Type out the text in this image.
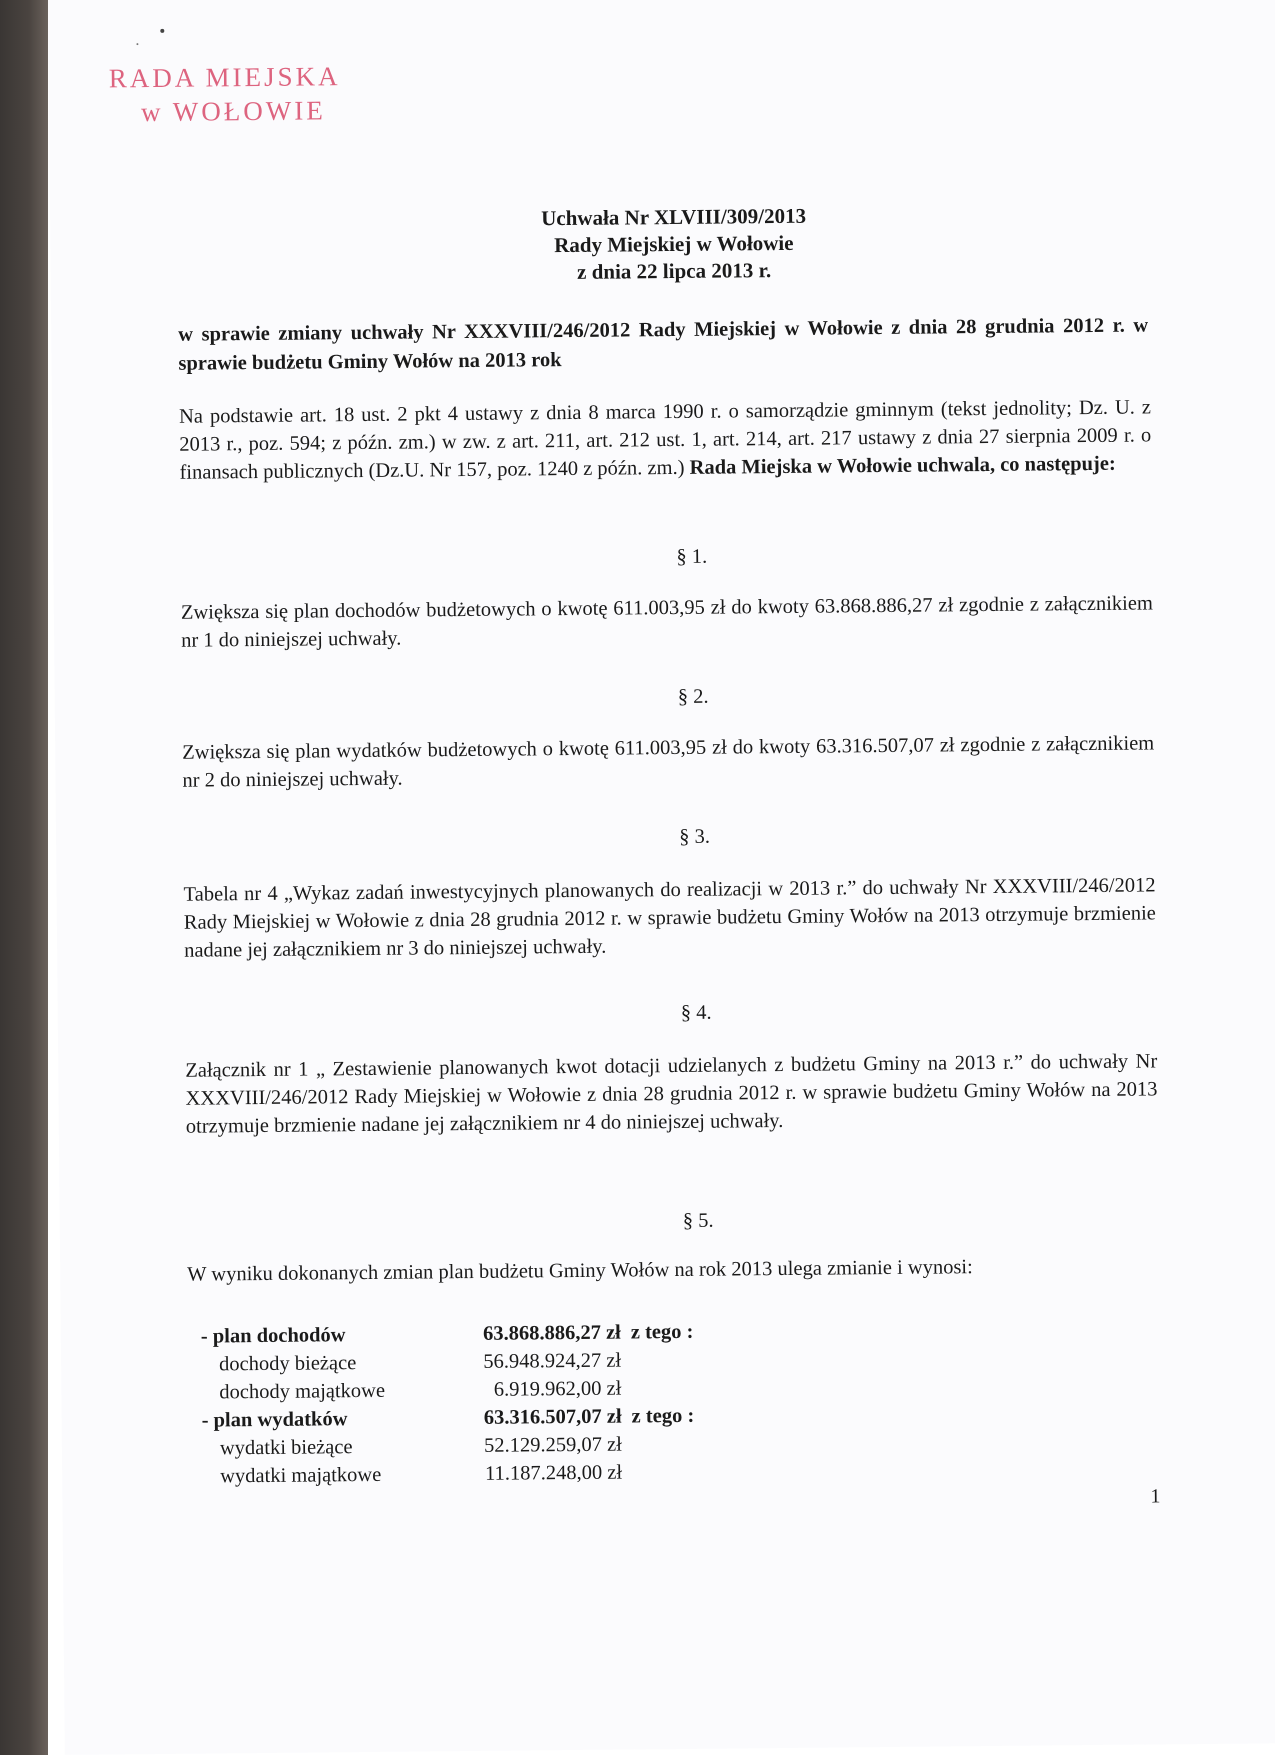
RADA MIEJSKA
w WOŁOWIE
Uchwała Nr XLVIII/309/2013
Rady Miejskiej w Wołowie
z dnia 22 lipca 2013 r.
w sprawie zmiany uchwały Nr XXXVIII/246/2012 Rady Miejskiej w Wołowie z dnia 28 grudnia 2012 r. w sprawie budżetu Gminy Wołów na 2013 rok
Na podstawie art. 18 ust. 2 pkt 4 ustawy z dnia 8 marca 1990 r. o samorządzie gminnym (tekst jednolity; Dz. U. z 2013 r., poz. 594; z późn. zm.) w zw. z art. 211, art. 212 ust. 1, art. 214, art. 217 ustawy z dnia 27 sierpnia 2009 r. o finansach publicznych (Dz.U. Nr 157, poz. 1240 z późn. zm.) Rada Miejska w Wołowie uchwala, co następuje:
§ 1.
Zwiększa się plan dochodów budżetowych o kwotę 611.003,95 zł do kwoty 63.868.886,27 zł zgodnie z załącznikiem nr 1 do niniejszej uchwały.
§ 2.
Zwiększa się plan wydatków budżetowych o kwotę 611.003,95 zł do kwoty 63.316.507,07 zł zgodnie z załącznikiem nr 2 do niniejszej uchwały.
§ 3.
Tabela nr 4 „Wykaz zadań inwestycyjnych planowanych do realizacji w 2013 r.” do uchwały Nr XXXVIII/246/2012 Rady Miejskiej w Wołowie z dnia 28 grudnia 2012 r. w sprawie budżetu Gminy Wołów na 2013 otrzymuje brzmienie nadane jej załącznikiem nr 3 do niniejszej uchwały.
§ 4.
Załącznik nr 1 „ Zestawienie planowanych kwot dotacji udzielanych z budżetu Gminy na 2013 r.” do uchwały Nr XXXVIII/246/2012 Rady Miejskiej w Wołowie z dnia 28 grudnia 2012 r. w sprawie budżetu Gminy Wołów na 2013 otrzymuje brzmienie nadane jej załącznikiem nr 4 do niniejszej uchwały.
§ 5.
W wyniku dokonanych zmian plan budżetu Gminy Wołów na rok 2013 ulega zmianie i wynosi:
- plan dochodów	63.868.886,27 zł z tego :
dochody bieżące	56.948.924,27 zł
dochody majątkowe	6.919.962,00 zł
- plan wydatków	63.316.507,07 zł z tego :
wydatki bieżące	52.129.259,07 zł
wydatki majątkowe	11.187.248,00 zł
1
